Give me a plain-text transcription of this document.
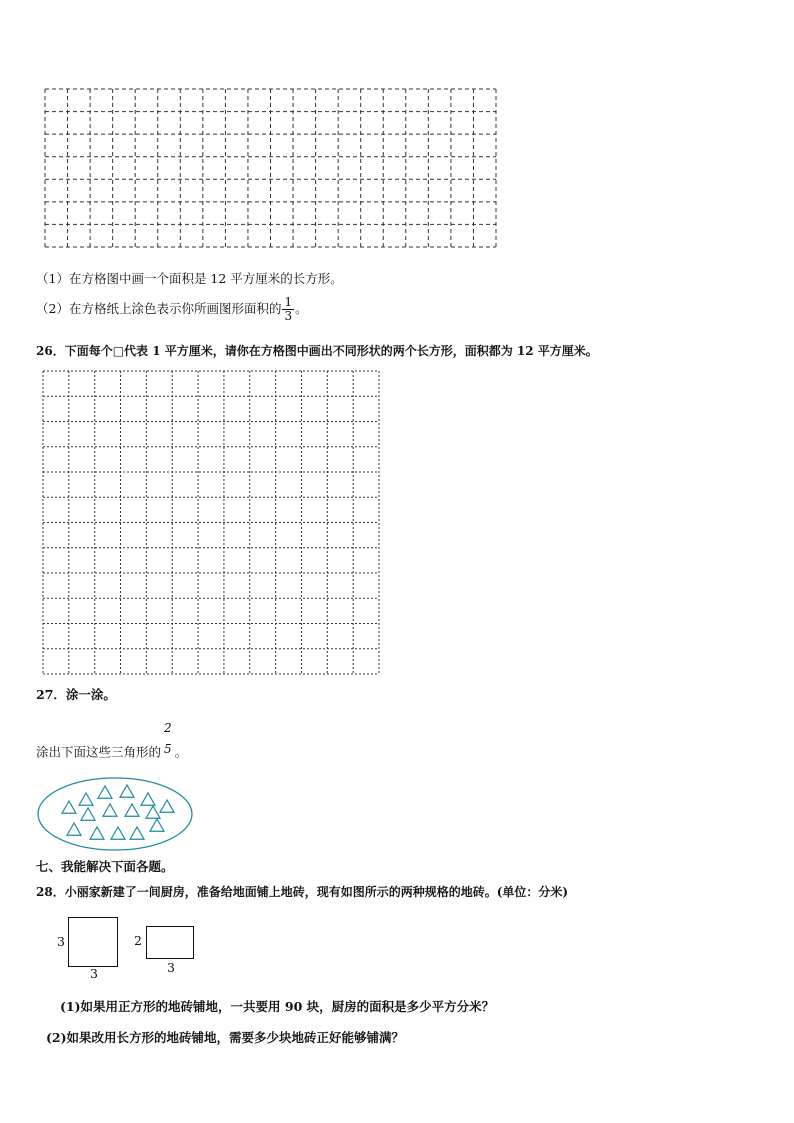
（1）在方格图中画一个面积是 12 平方厘米的长方形。
（2）在方格纸上涂色表示你所画图形面积的 $\frac{1}{3}$ 。
26．下面每个□代表 1 平方厘米，请你在方格图中画出不同形状的两个长方形，面积都为 12 平方厘米。
27．涂一涂。
涂出下面这些三角形的
2
5 。
七、我能解决下面各题。
28．小丽家新建了一间厨房，准备给地面铺上地砖，现有如图所示的两种规格的地砖。(单位：分米)
3
3
2
3
(1)如果用正方形的地砖铺地，一共要用 90 块，厨房的面积是多少平方分米？
(2)如果改用长方形的地砖铺地，需要多少块地砖正好能够铺满？
